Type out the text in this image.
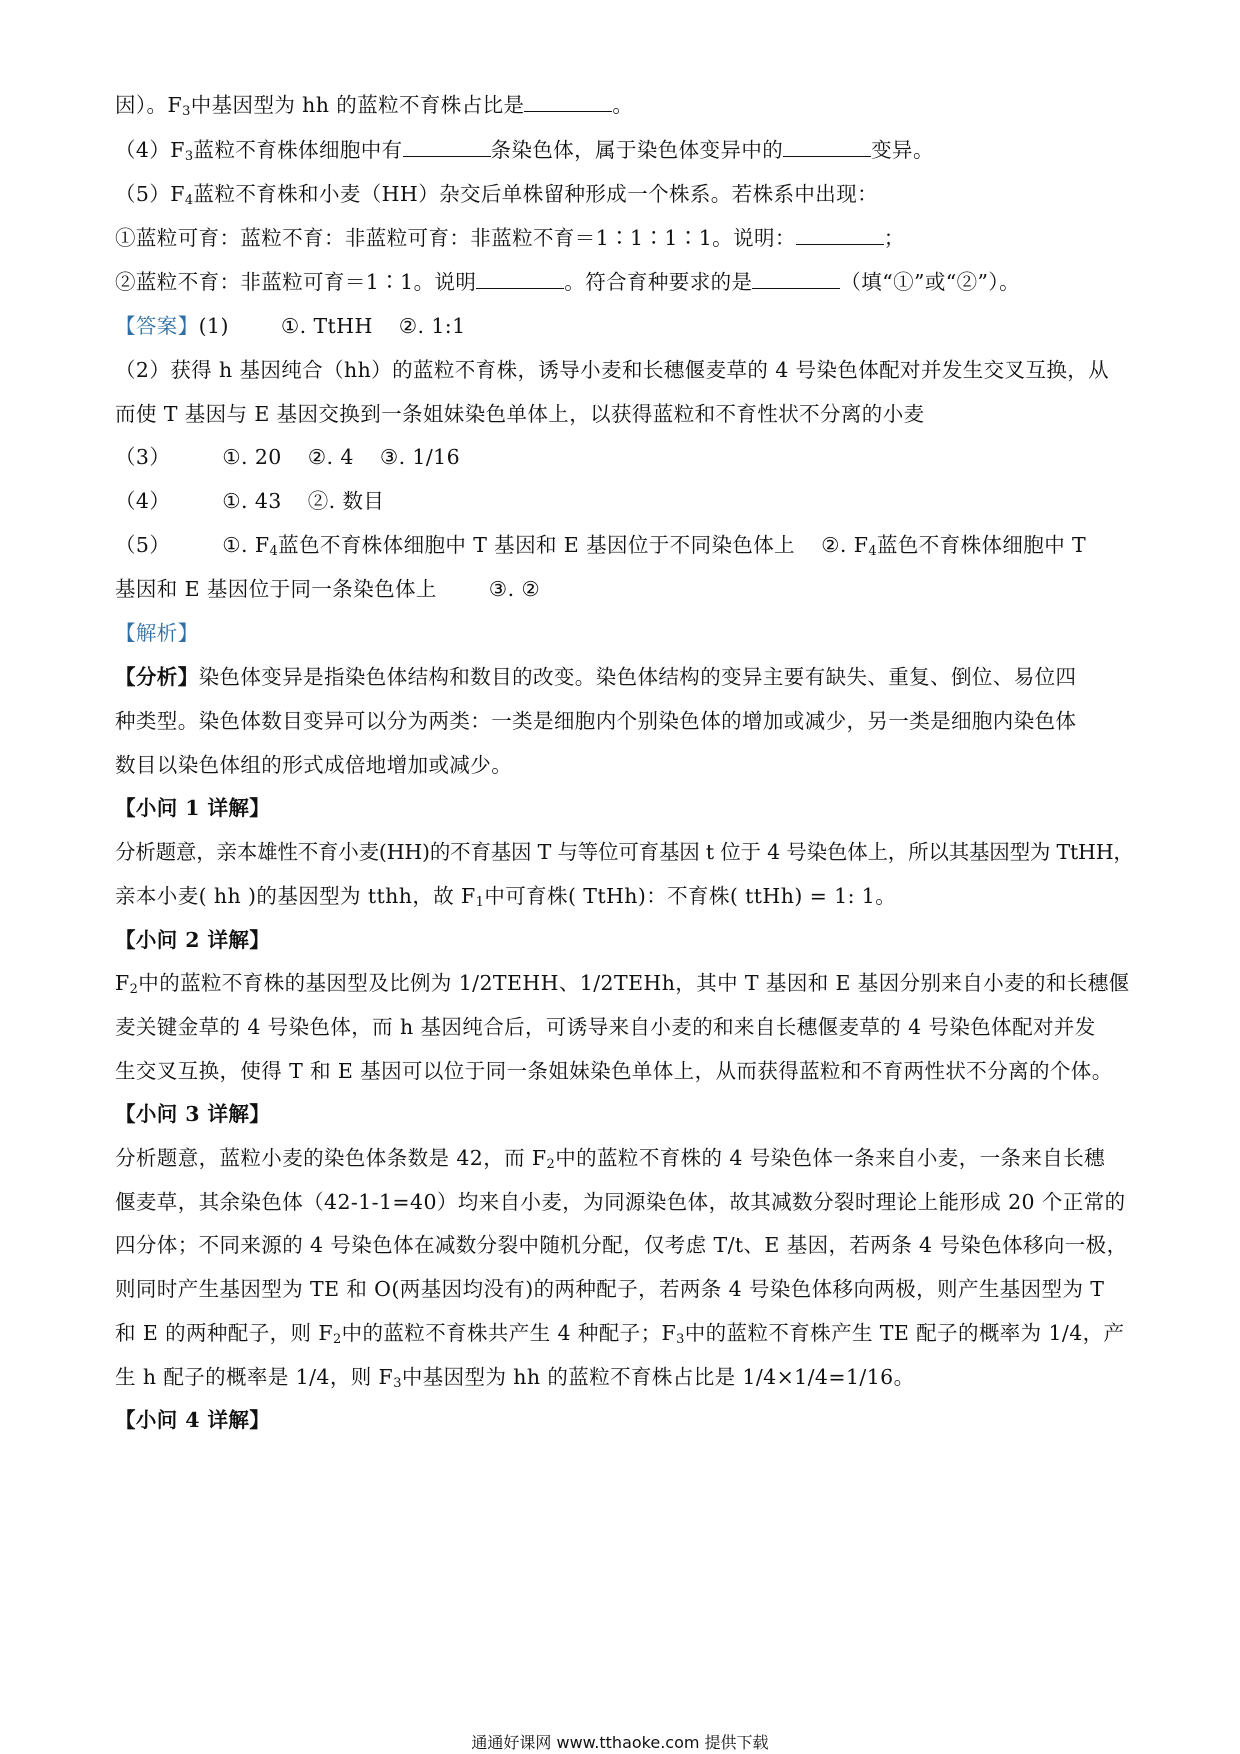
因）。$F_3$中基因型为 hh 的蓝粒不育株占比是	。
$(4)F_3$蓝粒不育株体细胞中有	条染色体，属于染色体变异中的	变异。
$(5)F_4$蓝粒不育株和小麦（HH）杂交后单株留种形成一个株系。若株系中出现：
①蓝粒可育：蓝粒不育：非蓝粒可育：非蓝粒不育＝1∶1∶1∶1。说明：	；
②蓝粒不育：非蓝粒可育＝1∶1。说明	。符合育种要求的是	（填“①”或“②”）。
【答案】(1)	①. TtHH ②. 1:1
（2）获得 h 基因纯合（hh）的蓝粒不育株，诱导小麦和长穗偃麦草的 4 号染色体配对并发生交叉互换，从
而使 T 基因与 E 基因交换到一条姐妹染色单体上，以获得蓝粒和不育性状不分离的小麦
（3）	①. 20 ②. 4 ③. 1/16
（4）	①. 43 ②. 数目
（5）	①. $F_4$蓝色不育株体细胞中 T 基因和 E 基因位于不同染色体上 ②. $F_4$蓝色不育株体细胞中 T
基因和 E 基因位于同一条染色体上	③. ②
【解析】
【分析】染色体变异是指染色体结构和数目的改变。染色体结构的变异主要有缺失、重复、倒位、易位四
种类型。染色体数目变异可以分为两类：一类是细胞内个别染色体的增加或减少，另一类是细胞内染色体
数目以染色体组的形式成倍地增加或减少。
【小问 1 详解】
分析题意，亲本雄性不育小麦(HH)的不育基因 T 与等位可育基因 t 位于 4 号染色体上，所以其基因型为 TtHH，
亲本小麦( hh )的基因型为 tthh，故 $F_1$中可育株( TtHh)：不育株( ttHh) = 1: 1。
【小问 2 详解】
$F_2$中的蓝粒不育株的基因型及比例为 1/2TEHH、1/2TEHh，其中 T 基因和 E 基因分别来自小麦的和长穗偃
麦关键金草的 4 号染色体，而 h 基因纯合后，可诱导来自小麦的和来自长穗偃麦草的 4 号染色体配对并发
生交叉互换，使得 T 和 E 基因可以位于同一条姐妹染色单体上，从而获得蓝粒和不育两性状不分离的个体。
【小问 3 详解】
分析题意，蓝粒小麦的染色体条数是 42，而 $F_2$中的蓝粒不育株的 4 号染色体一条来自小麦，一条来自长穗
偃麦草，其余染色体（42-1-1=40）均来自小麦，为同源染色体，故其减数分裂时理论上能形成 20 个正常的
四分体；不同来源的 4 号染色体在减数分裂中随机分配，仅考虑 T/t、E 基因，若两条 4 号染色体移向一极，
则同时产生基因型为 TE 和 O(两基因均没有)的两种配子，若两条 4 号染色体移向两极，则产生基因型为 T
和 E 的两种配子，则 $F_2$中的蓝粒不育株共产生 4 种配子；$F_3$中的蓝粒不育株产生 TE 配子的概率为 1/4，产
生 h 配子的概率是 1/4，则 $F_3$中基因型为 hh 的蓝粒不育株占比是 1/4×1/4=1/16。
【小问 4 详解】
通通好课网 www.tthaoke.com 提供下载
